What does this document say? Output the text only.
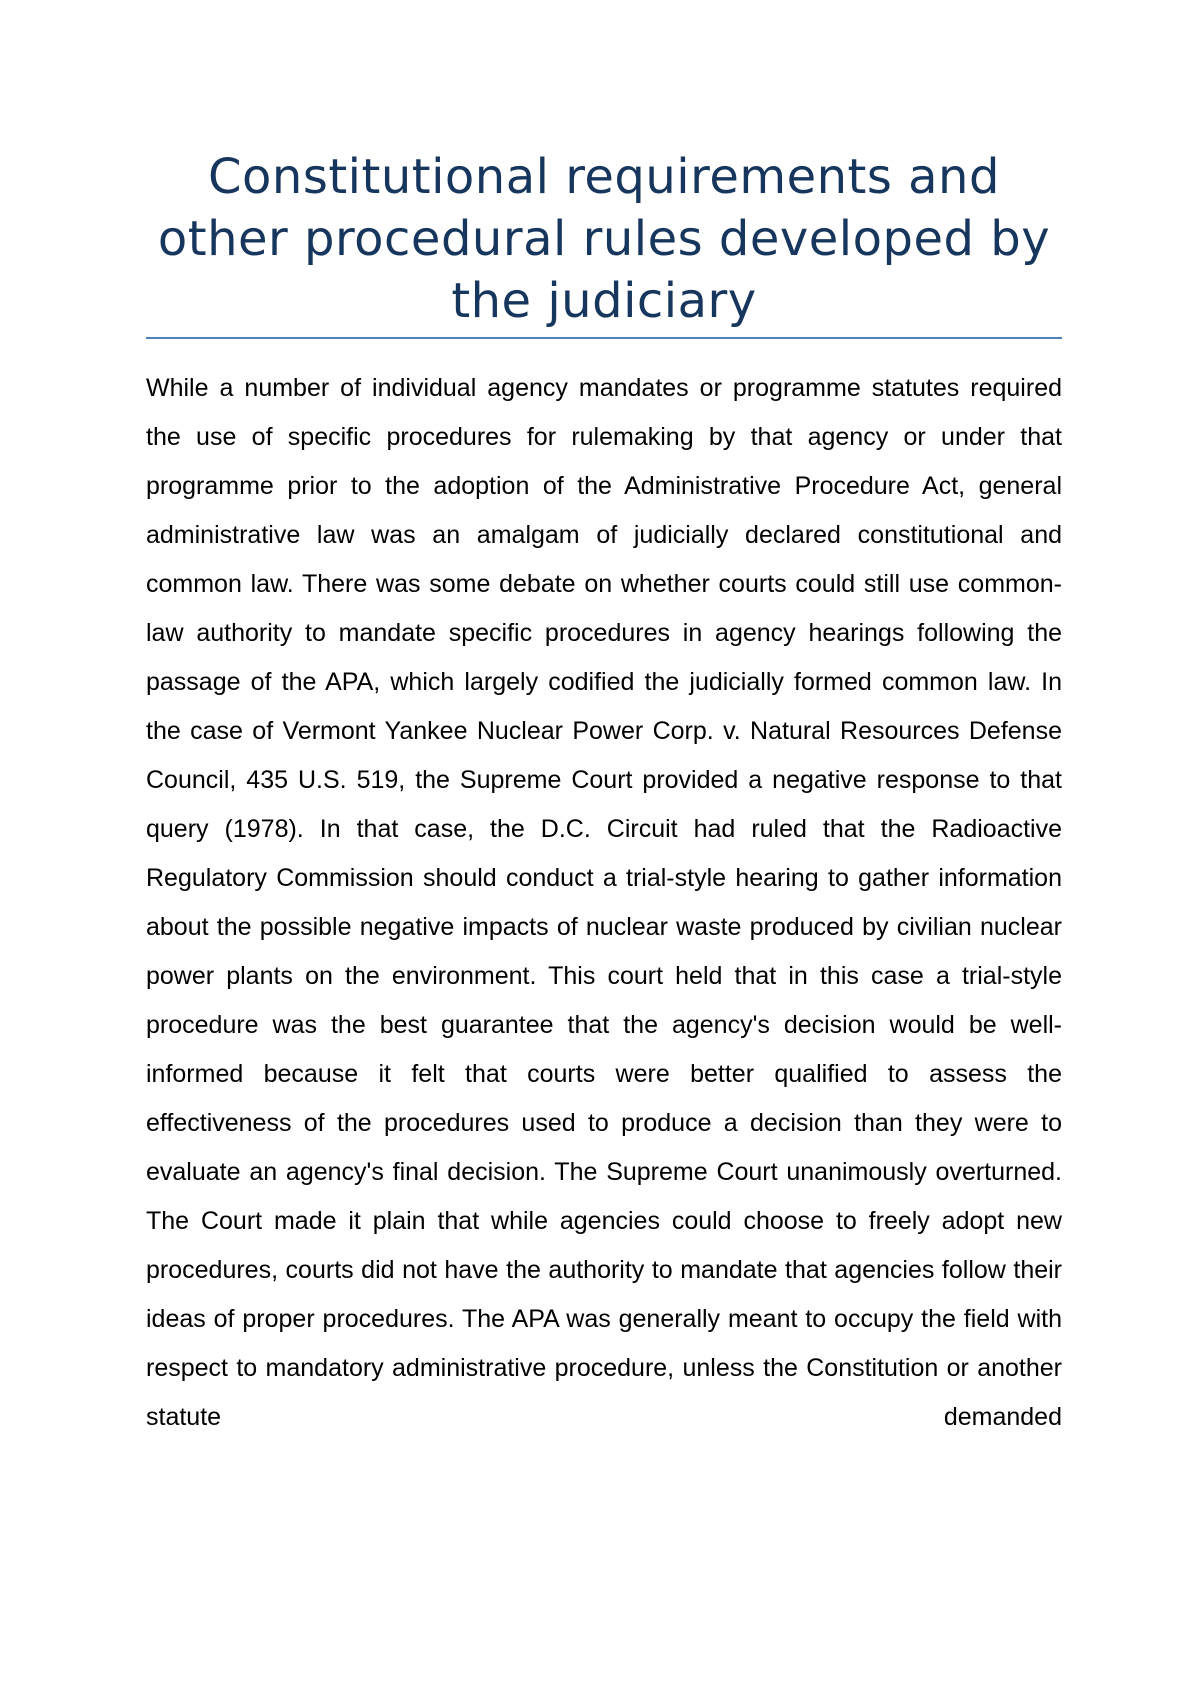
Constitutional requirements and other procedural rules developed by the judiciary

While a number of individual agency mandates or programme statutes required the use of specific procedures for rulemaking by that agency or under that programme prior to the adoption of the Administrative Procedure Act, general administrative law was an amalgam of judicially declared constitutional and common law. There was some debate on whether courts could still use common-law authority to mandate specific procedures in agency hearings following the passage of the APA, which largely codified the judicially formed common law. In the case of Vermont Yankee Nuclear Power Corp. v. Natural Resources Defense Council, 435 U.S. 519, the Supreme Court provided a negative response to that query (1978). In that case, the D.C. Circuit had ruled that the Radioactive Regulatory Commission should conduct a trial-style hearing to gather information about the possible negative impacts of nuclear waste produced by civilian nuclear power plants on the environment. This court held that in this case a trial-style procedure was the best guarantee that the agency's decision would be well-informed because it felt that courts were better qualified to assess the effectiveness of the procedures used to produce a decision than they were to evaluate an agency's final decision. The Supreme Court unanimously overturned. The Court made it plain that while agencies could choose to freely adopt new procedures, courts did not have the authority to mandate that agencies follow their ideas of proper procedures. The APA was generally meant to occupy the field with respect to mandatory administrative procedure, unless the Constitution or another statute demanded
